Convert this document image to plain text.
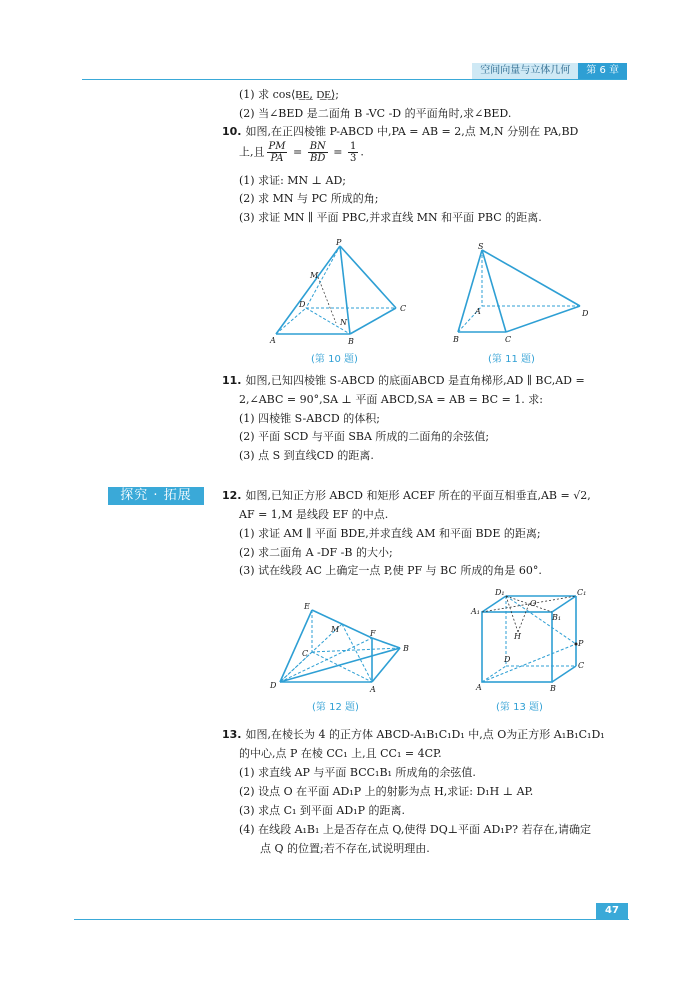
空间向量与立体几何	第 6 章
(1) 求 cos⟨B͟E͟, D͟E͟⟩;
(2) 当∠BED 是二面角 B -VC -D 的平面角时,求∠BED.
10. 如图,在正四棱锥 P-ABCD 中,PA = AB = 2,点 M,N 分别在 PA,BD
上,且 $\frac{PM}{PA} = \frac{BN}{BD} = \frac{1}{3}$ .
(1) 求证: MN ⊥ AD;
(2) 求 MN 与 PC 所成的角;
(3) 求证 MN ∥ 平面 PBC,并求直线 MN 和平面 PBC 的距离.
11. 如图,已知四棱锥 S-ABCD 的底面ABCD 是直角梯形,AD ∥ BC,AD =
2,∠ABC = 90°,SA ⊥ 平面 ABCD,SA = AB = BC = 1. 求:
(1) 四棱锥 S-ABCD 的体积;
(2) 平面 SCD 与平面 SBA 所成的二面角的余弦值;
(3) 点 S 到直线CD 的距离.
12. 如图,已知正方形 ABCD 和矩形 ACEF 所在的平面互相垂直,AB = √2,
AF = 1,M 是线段 EF 的中点.
(1) 求证 AM ∥ 平面 BDE,并求直线 AM 和平面 BDE 的距离;
(2) 求二面角 A -DF -B 的大小;
(3) 试在线段 AC 上确定一点 P,使 PF 与 BC 所成的角是 60°.
13. 如图,在棱长为 4 的正方体 ABCD-A₁B₁C₁D₁ 中,点 O为正方形 A₁B₁C₁D₁
的中心,点 P 在棱 CC₁ 上,且 CC₁ = 4CP.
(1) 求直线 AP 与平面 BCC₁B₁ 所成角的余弦值.
(2) 设点 O 在平面 AD₁P 上的射影为点 H,求证: D₁H ⊥ AP.
(3) 求点 C₁ 到平面 AD₁P 的距离.
(4) 在线段 A₁B₁ 上是否存在点 Q,使得 DQ⊥平面 AD₁P? 若存在,请确定
点 Q 的位置;若不存在,试说明理由.
P
M
D	C
N
A	B
(第 10 题)
S
A	D
B	C
(第 11 题)
探究 · 拓展
E
M	F
C
B
D	A
(第 12 题)
D₁	C₁
A₁
O
B₁
H
P
D
C
A	B
(第 13 题)
47
